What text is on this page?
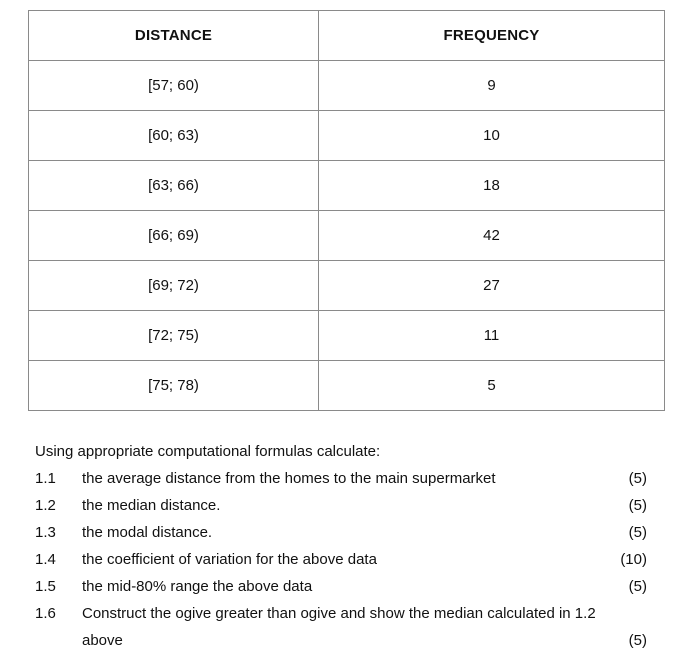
DISTANCE	FREQUENCY
[57; 60)	9
[60; 63)	10
[63; 66)	18
[66; 69)	42
[69; 72)	27
[72; 75)	11
[75; 78)	5
Using appropriate computational formulas calculate:
1.1 the average distance from the homes to the main supermarket	(5)
1.2 the median distance.	(5)
1.3 the modal distance.	(5)
1.4 the coefficient of variation for the above data	(10)
1.5 the mid-80% range the above data	(5)
1.6 Construct the ogive greater than ogive and show the median calculated in 1.2
above	(5)
